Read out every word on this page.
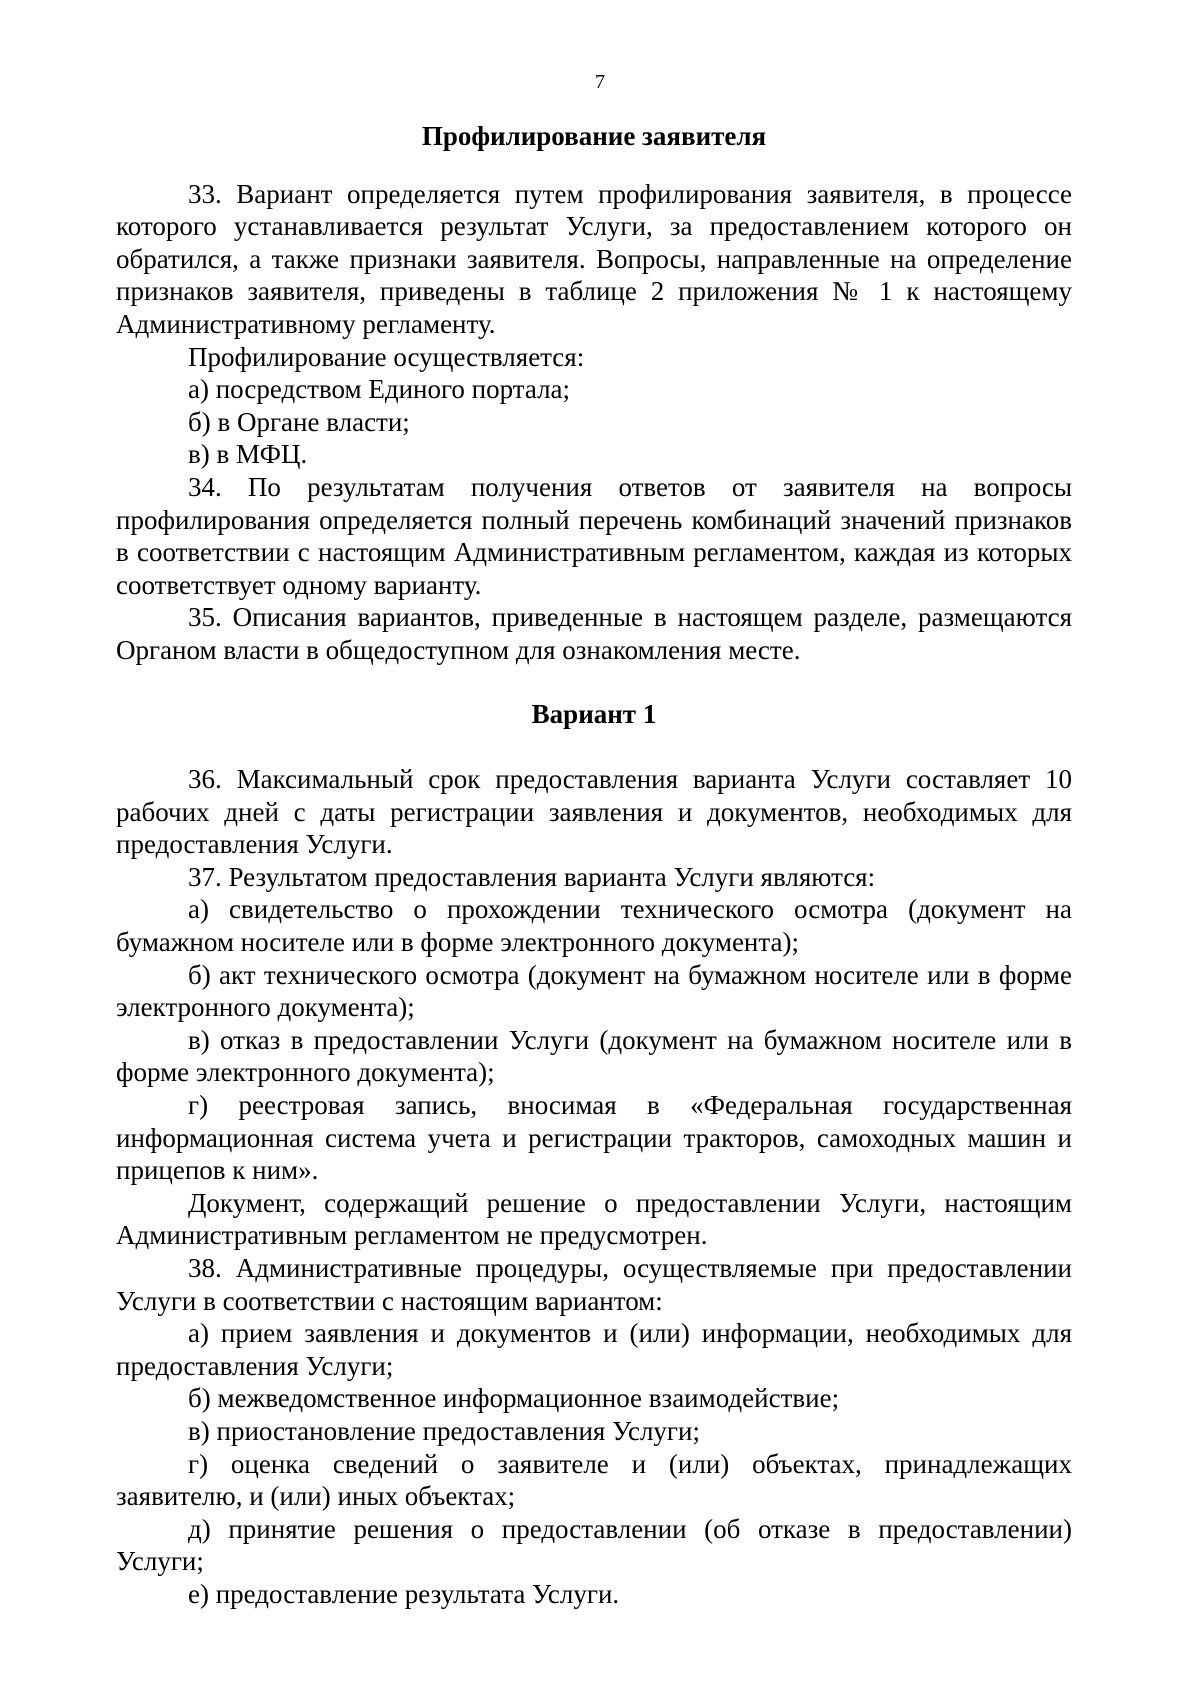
7
Профилирование заявителя

33. Вариант определяется путем профилирования заявителя, в процессе которого устанавливается результат Услуги, за предоставлением которого он обратился, а также признаки заявителя. Вопросы, направленные на определение признаков заявителя, приведены в таблице 2 приложения № 1 к настоящему Административному регламенту.

Профилирование осуществляется:

а) посредством Единого портала;

б) в Органе власти;

в) в МФЦ.

34. По результатам получения ответов от заявителя на вопросы профилирования определяется полный перечень комбинаций значений признаков в соответствии с настоящим Административным регламентом, каждая из которых соответствует одному варианту.

35. Описания вариантов, приведенные в настоящем разделе, размещаются Органом власти в общедоступном для ознакомления месте.

Вариант 1

36. Максимальный срок предоставления варианта Услуги составляет 10 рабочих дней с даты регистрации заявления и документов, необходимых для предоставления Услуги.

37. Результатом предоставления варианта Услуги являются:

а) свидетельство о прохождении технического осмотра (документ на бумажном носителе или в форме электронного документа);

б) акт технического осмотра (документ на бумажном носителе или в форме электронного документа);

в) отказ в предоставлении Услуги (документ на бумажном носителе или в форме электронного документа);

г) реестровая запись, вносимая в «Федеральная государственная информационная система учета и регистрации тракторов, самоходных машин и прицепов к ним».

Документ, содержащий решение о предоставлении Услуги, настоящим Административным регламентом не предусмотрен.

38. Административные процедуры, осуществляемые при предоставлении Услуги в соответствии с настоящим вариантом:

а) прием заявления и документов и (или) информации, необходимых для предоставления Услуги;

б) межведомственное информационное взаимодействие;

в) приостановление предоставления Услуги;

г) оценка сведений о заявителе и (или) объектах, принадлежащих заявителю, и (или) иных объектах;

д) принятие решения о предоставлении (об отказе в предоставлении) Услуги;

е) предоставление результата Услуги.
